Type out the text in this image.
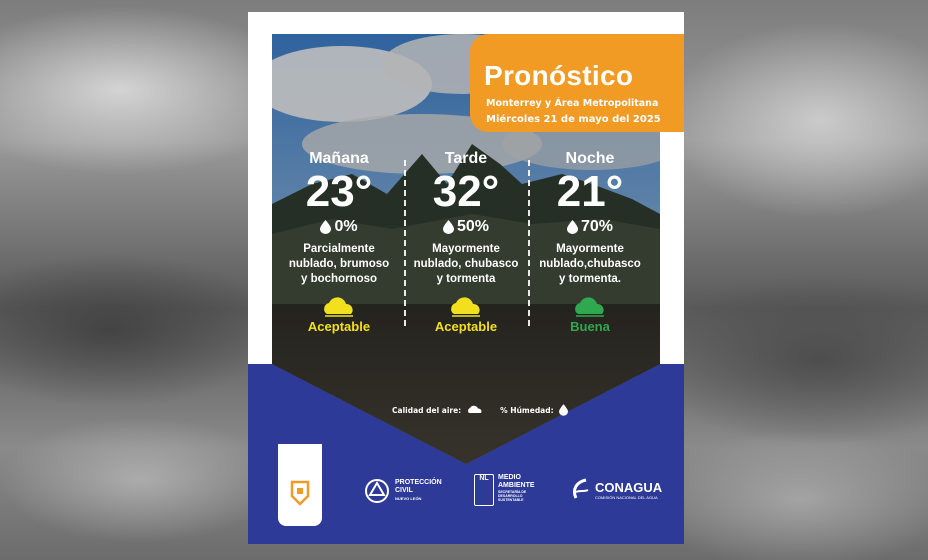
Pronóstico
Monterrey y Área Metropolitana
Miércoles 21 de mayo del 2025
Mañana
23°
0%
Parcialmente
nublado, brumoso
y bochornoso
Aceptable
Tarde
32°
50%
Mayormente
nublado, chubasco
y tormenta
Aceptable
Noche
21°
70%
Mayormente
nublado,chubasco
y tormenta.
Buena
Calidad del aire:	% Húmedad:
PROTECCIÓN
CIVIL
NUEVO LEÓN
NL	MEDIO
AMBIENTE
SECRETARÍA DE DESARROLLO SUSTENTABLE
CONAGUA
COMISIÓN NACIONAL DEL AGUA
